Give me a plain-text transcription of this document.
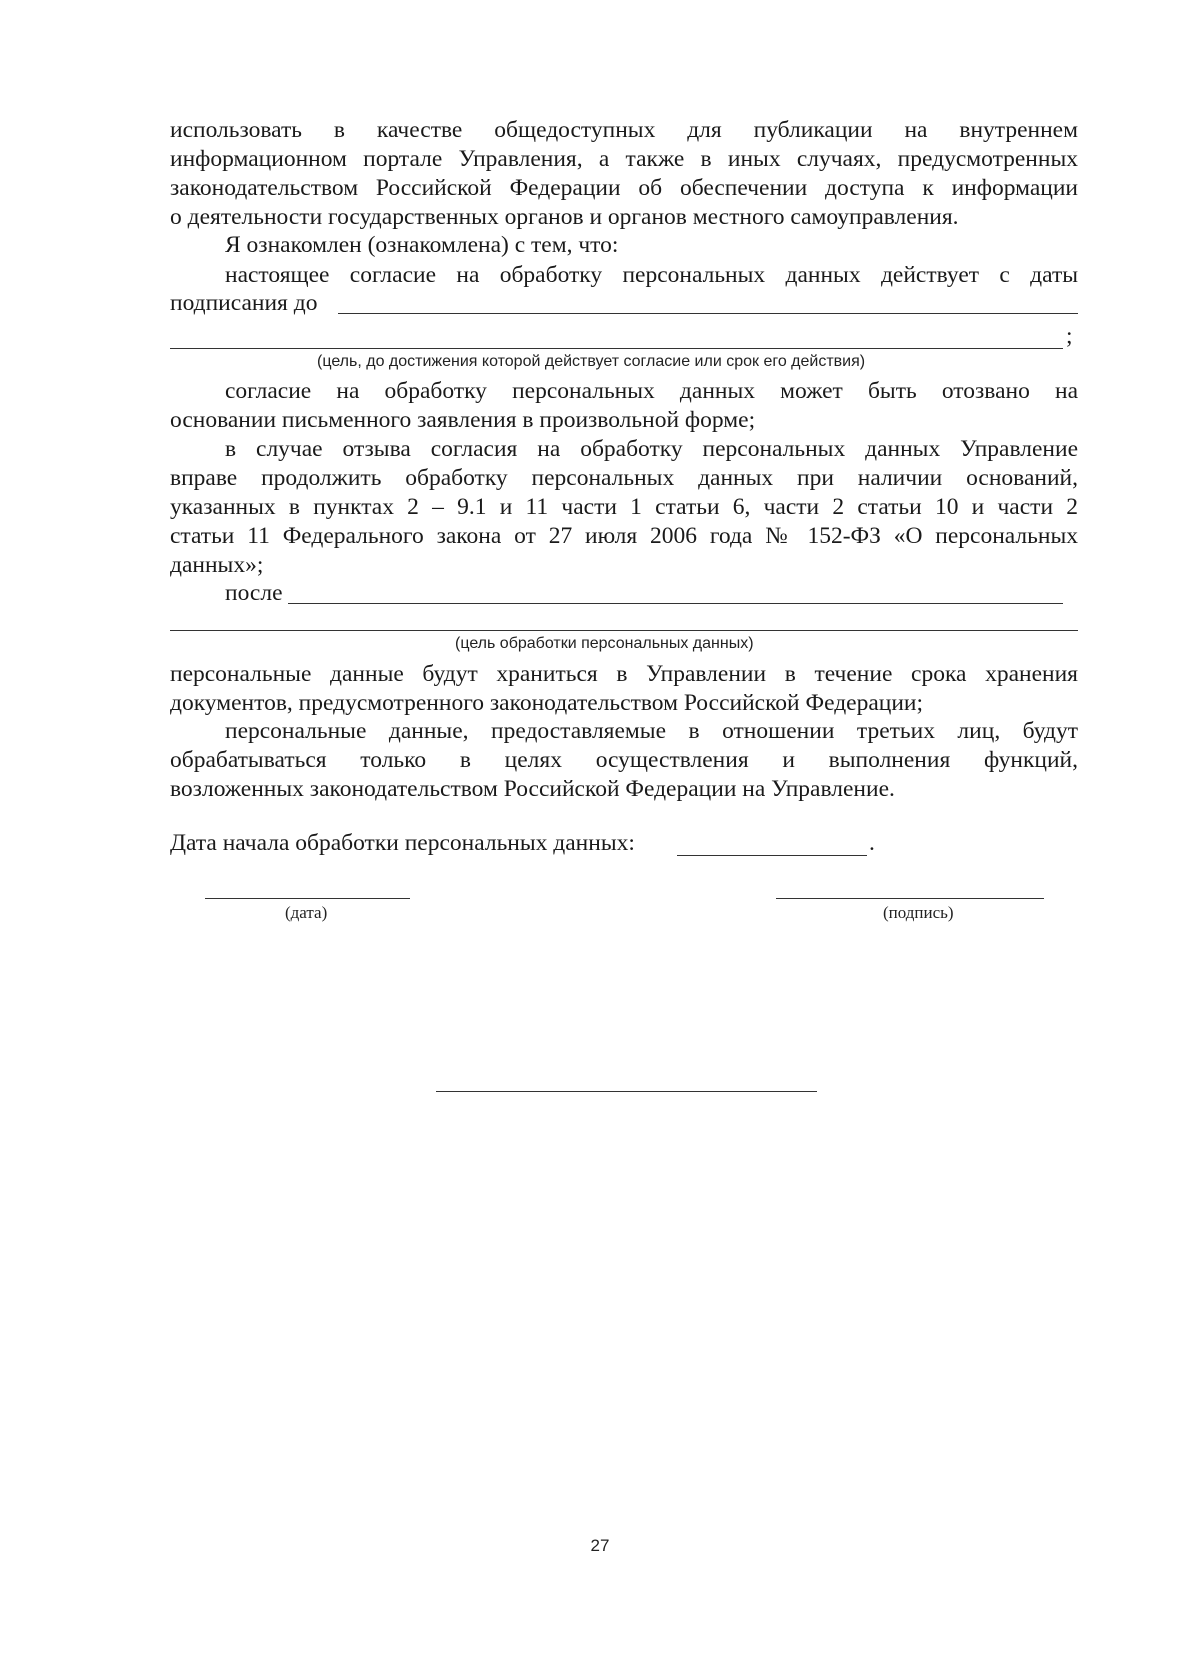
использовать в качестве общедоступных для публикации на внутреннем
информационном портале Управления, а также в иных случаях, предусмотренных
законодательством Российской Федерации об обеспечении доступа к информации
о деятельности государственных органов и органов местного самоуправления.
Я ознакомлен (ознакомлена) с тем, что:
настоящее согласие на обработку персональных данных действует с даты
подписания до
;
(цель, до достижения которой действует согласие или срок его действия)
согласие на обработку персональных данных может быть отозвано на
основании письменного заявления в произвольной форме;
в случае отзыва согласия на обработку персональных данных Управление
вправе продолжить обработку персональных данных при наличии оснований,
указанных в пунктах 2 – 9.1 и 11 части 1 статьи 6, части 2 статьи 10 и части 2
статьи 11 Федерального закона от 27 июля 2006 года № 152-ФЗ «О персональных
данных»;
после
(цель обработки персональных данных)
персональные данные будут храниться в Управлении в течение срока хранения
документов, предусмотренного законодательством Российской Федерации;
персональные данные, предоставляемые в отношении третьих лиц, будут
обрабатываться только в целях осуществления и выполнения функций,
возложенных законодательством Российской Федерации на Управление.
Дата начала обработки персональных данных:	.
(дата)	(подпись)
27
